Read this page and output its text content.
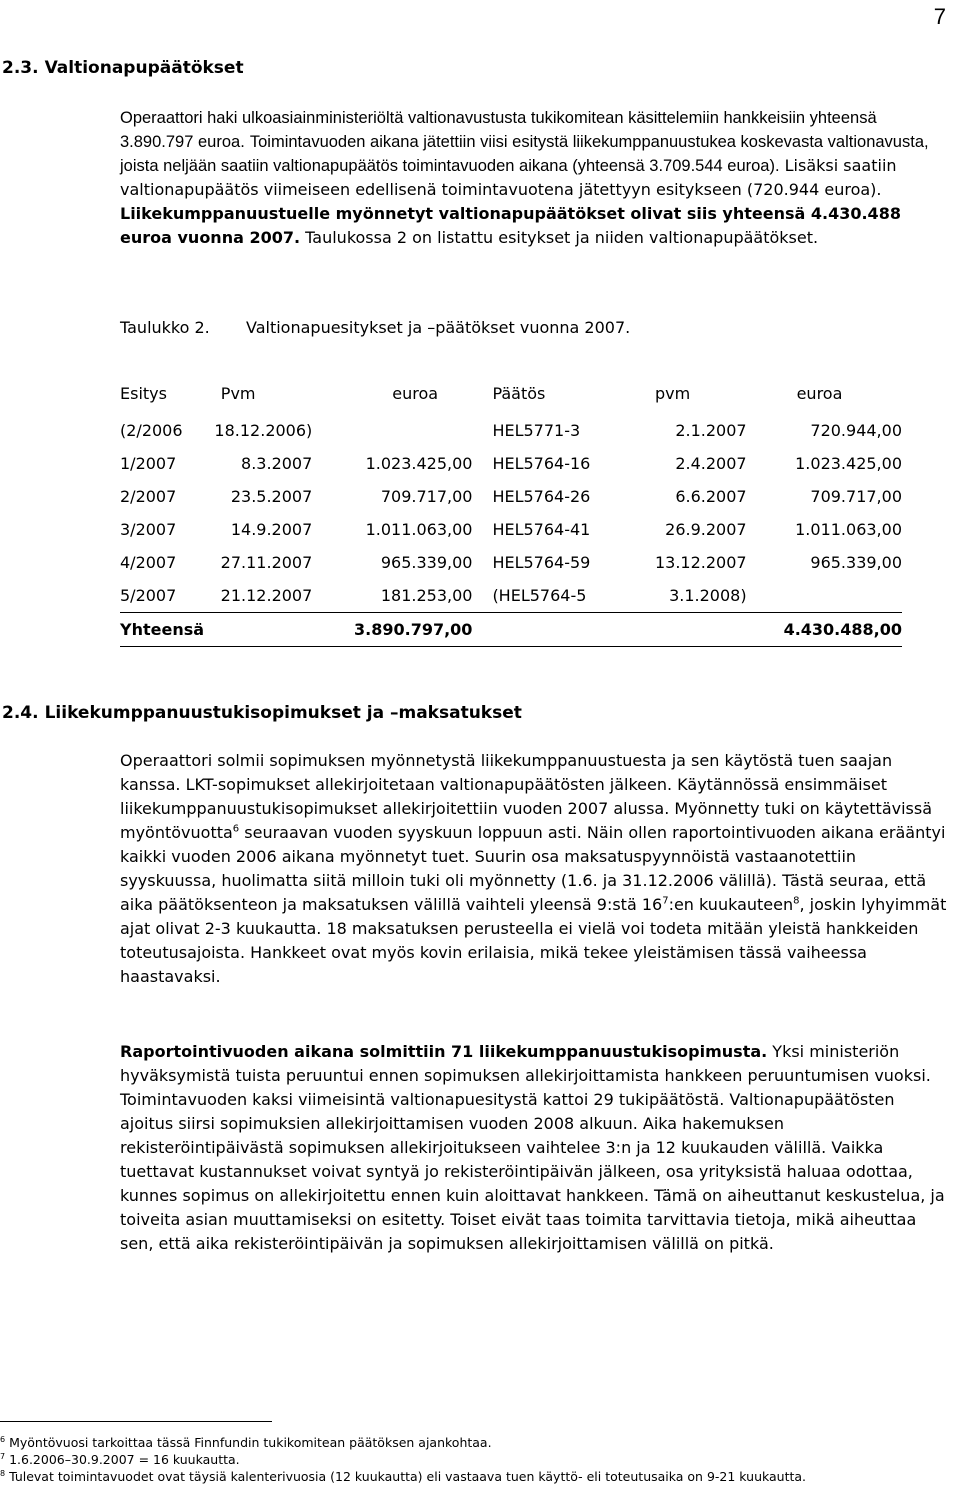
7
2.3. Valtionapupäätökset
Operaattori haki ulkoasiainministeriöltä valtionavustusta tukikomitean käsittelemiin hankkeisiin yhteensä 3.890.797 euroa. Toimintavuoden aikana jätettiin viisi esitystä liikekumppanuustukea koskevasta valtionavusta, joista neljään saatiin valtionapupäätös toimintavuoden aikana (yhteensä 3.709.544 euroa). Lisäksi saatiin valtionapupäätös viimeiseen edellisenä toimintavuotena jätettyyn esitykseen (720.944 euroa). Liikekumppanuustuelle myönnetyt valtionapupäätökset olivat siis yhteensä 4.430.488 euroa vuonna 2007. Taulukossa 2 on listattu esitykset ja niiden valtionapupäätökset.
Taulukko 2. Valtionapuesitykset ja –päätökset vuonna 2007.
Esitys	Pvm	euroa	Päätös	pvm	euroa

(2/2006	18.12.2006)		HEL5771-3	2.1.2007	720.944,00
1/2007	8.3.2007	1.023.425,00	HEL5764-16	2.4.2007	1.023.425,00
2/2007	23.5.2007	709.717,00	HEL5764-26	6.6.2007	709.717,00
3/2007	14.9.2007	1.011.063,00	HEL5764-41	26.9.2007	1.011.063,00
4/2007	27.11.2007	965.339,00	HEL5764-59	13.12.2007	965.339,00
5/2007	21.12.2007	181.253,00	(HEL5764-5	3.1.2008)	
Yhteensä		3.890.797,00		4.430.488,00	
2.4. Liikekumppanuustukisopimukset ja –maksatukset
Operaattori solmii sopimuksen myönnetystä liikekumppanuustuesta ja sen käytöstä tuen saajan kanssa. LKT-sopimukset allekirjoitetaan valtionapupäätösten jälkeen. Käytännössä ensimmäiset liikekumppanuustukisopimukset allekirjoitettiin vuoden 2007 alussa. Myönnetty tuki on käytettävissä myöntövuotta$^6$ seuraavan vuoden syyskuun loppuun asti. Näin ollen raportointivuoden aikana erääntyi kaikki vuoden 2006 aikana myönnetyt tuet. Suurin osa maksatuspyynnöistä vastaanotettiin syyskuussa, huolimatta siitä milloin tuki oli myönnetty (1.6. ja 31.12.2006 välillä). Tästä seuraa, että aika päätöksenteon ja maksatuksen välillä vaihteli yleensä 9:stä $16^7:en$ kuukauteen$^8$, joskin lyhyimmät ajat olivat 2-3 kuukautta. 18 maksatuksen perusteella ei vielä voi todeta mitään yleistä hankkeiden toteutusajoista. Hankkeet ovat myös kovin erilaisia, mikä tekee yleistämisen tässä vaiheessa haastavaksi.
Raportointivuoden aikana solmittiin 71 liikekumppanuustukisopimusta. Yksi ministeriön hyväksymistä tuista peruuntui ennen sopimuksen allekirjoittamista hankkeen peruuntumisen vuoksi. Toimintavuoden kaksi viimeisintä valtionapuesitystä kattoi 29 tukipäätöstä. Valtionapupäätösten ajoitus siirsi sopimuksien allekirjoittamisen vuoden 2008 alkuun. Aika hakemuksen rekisteröintipäivästä sopimuksen allekirjoitukseen vaihtelee 3:n ja 12 kuukauden välillä. Vaikka tuettavat kustannukset voivat syntyä jo rekisteröintipäivän jälkeen, osa yrityksistä haluaa odottaa, kunnes sopimus on allekirjoitettu ennen kuin aloittavat hankkeen. Tämä on aiheuttanut keskustelua, ja toiveita asian muuttamiseksi on esitetty. Toiset eivät taas toimita tarvittavia tietoja, mikä aiheuttaa sen, että aika rekisteröintipäivän ja sopimuksen allekirjoittamisen välillä on pitkä.
$^6$ Myöntövuosi tarkoittaa tässä Finnfundin tukikomitean päätöksen ajankohtaa.
$^7$ 1.6.2006–30.9.2007 = 16 kuukautta.
$^8$ Tulevat toimintavuodet ovat täysiä kalenterivuosia (12 kuukautta) eli vastaava tuen käyttö- eli toteutusaika on 9-21 kuukautta.
